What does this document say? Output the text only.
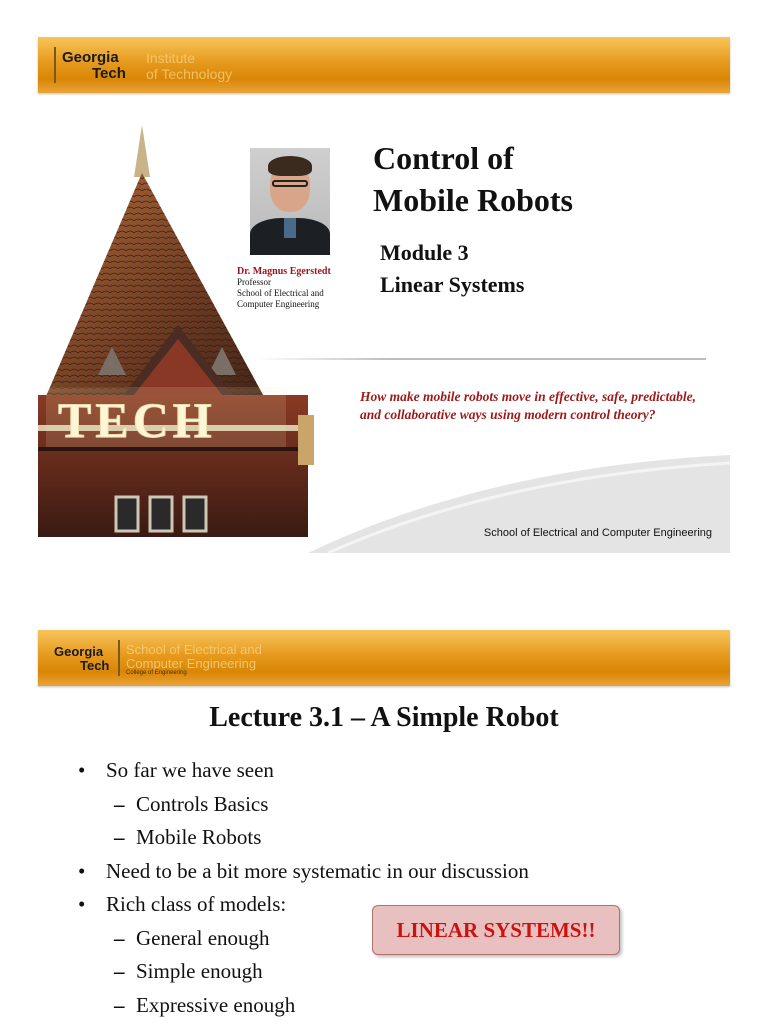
Georgia
Tech
Institute
of Technology
TECH
Dr. Magnus Egerstedt
Professor
School of Electrical and
Computer Engineering
Control of
Mobile Robots
Module 3
Linear Systems
How make mobile robots move in effective, safe, predictable, and collaborative ways using modern control theory?
School of Electrical and Computer Engineering
Georgia
Tech
School of Electrical and
Computer Engineering
College of Engineering
Lecture 3.1 – A Simple Robot
• So far we have seen
– Controls Basics
– Mobile Robots
• Need to be a bit more systematic in our discussion
• Rich class of models:
– General enough
– Simple enough
– Expressive enough
LINEAR SYSTEMS!!
